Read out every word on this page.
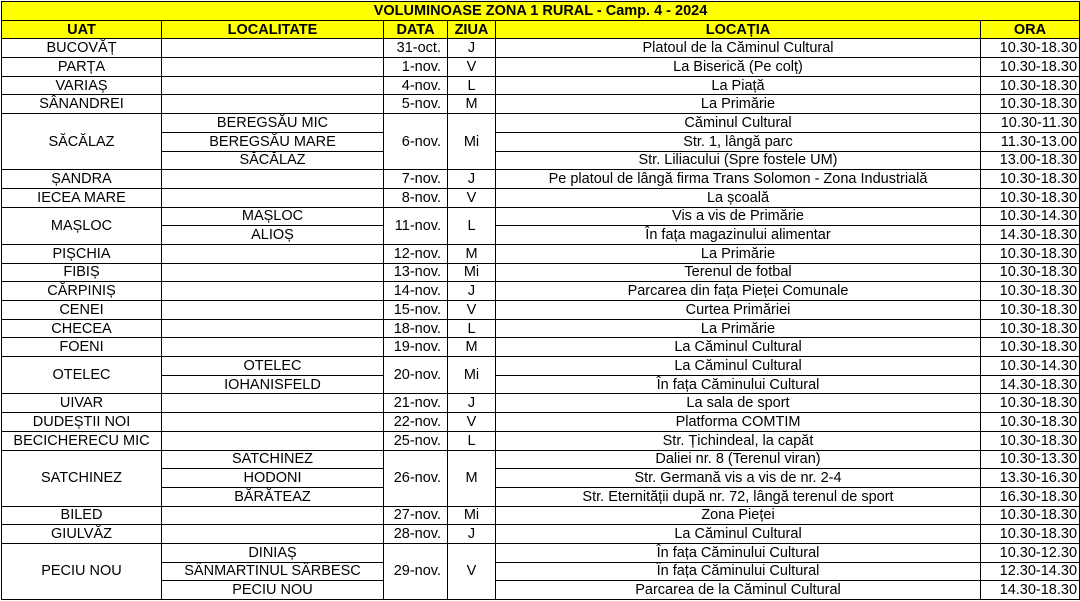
VOLUMINOASE ZONA 1 RURAL - Camp. 4 - 2024					
UAT	LOCALITATE	DATA	ZIUA	LOCAȚIA	ORA
BUCOVĂȚ		31-oct.	J	Platoul de la Căminul Cultural	10.30-18.30
PARȚA		1-nov.	V	La Biserică (Pe colț)	10.30-18.30
VARIAȘ		4-nov.	L	La Piață	10.30-18.30
SÂNANDREI		5-nov.	M	La Primărie	10.30-18.30
SĂCĂLAZ	BEREGSĂU MIC	6-nov.	Mi	Căminul Cultural	10.30-11.30
	BEREGSĂU MARE			Str. 1, lângă parc	11.30-13.00
	SĂCĂLAZ			Str. Liliacului (Spre fostele UM)	13.00-18.30
ȘANDRA		7-nov.	J	Pe platoul de lângă firma Trans Solomon - Zona Industrială	10.30-18.30
IECEA MARE		8-nov.	V	La școală	10.30-18.30
MAȘLOC	MAȘLOC	11-nov.	L	Vis a vis de Primărie	10.30-14.30
	ALIOȘ			În fața magazinului alimentar	14.30-18.30
PIȘCHIA		12-nov.	M	La Primărie	10.30-18.30
FIBIȘ		13-nov.	Mi	Terenul de fotbal	10.30-18.30
CĂRPINIȘ		14-nov.	J	Parcarea din fața Pieței Comunale	10.30-18.30
CENEI		15-nov.	V	Curtea Primăriei	10.30-18.30
CHECEA		18-nov.	L	La Primărie	10.30-18.30
FOENI		19-nov.	M	La Căminul Cultural	10.30-18.30
OTELEC	OTELEC	20-nov.	Mi	La Căminul Cultural	10.30-14.30
	IOHANISFELD			În fața Căminului Cultural	14.30-18.30
UIVAR		21-nov.	J	La sala de sport	10.30-18.30
DUDEȘTII NOI		22-nov.	V	Platforma COMTIM	10.30-18.30
BECICHERECU MIC		25-nov.	L	Str. Țichindeal, la capăt	10.30-18.30
SATCHINEZ	SATCHINEZ	26-nov.	M	Daliei nr. 8 (Terenul viran)	10.30-13.30
	HODONI			Str. Germană vis a vis de nr. 2-4	13.30-16.30
	BĂRĂTEAZ			Str. Eternității după nr. 72, lângă terenul de sport	16.30-18.30
BILED		27-nov.	Mi	Zona Pieței	10.30-18.30
GIULVĂZ		28-nov.	J	La Căminul Cultural	10.30-18.30
PECIU NOU	DINIAȘ	29-nov.	V	În fața Căminului Cultural	10.30-12.30
	SÂNMARTINUL SÂRBESC			În fața Căminului Cultural	12.30-14.30
	PECIU NOU			Parcarea de la Căminul Cultural	14.30-18.30
